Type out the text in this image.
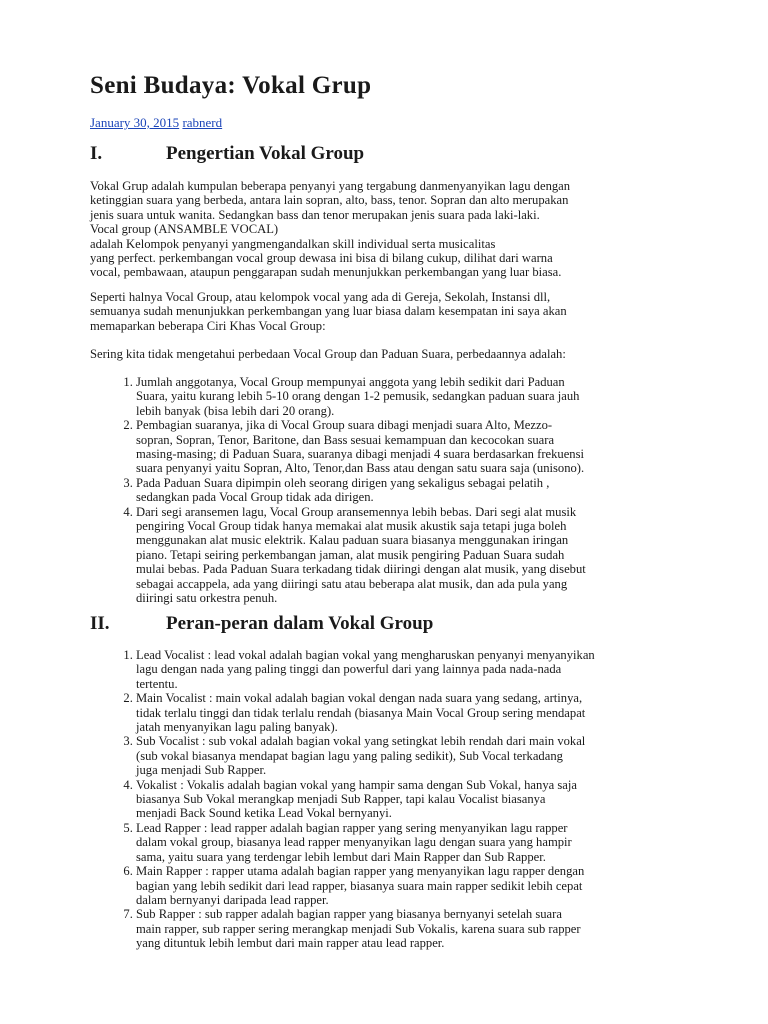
Seni Budaya: Vokal Grup
January 30, 2015 rabnerd
I.	Pengertian Vokal Group
Vokal Grup adalah kumpulan beberapa penyanyi yang tergabung danmenyanyikan lagu dengan
ketinggian suara yang berbeda, antara lain sopran, alto, bass, tenor. Sopran dan alto merupakan
jenis suara untuk wanita. Sedangkan bass dan tenor merupakan jenis suara pada laki-laki.
Vocal group (ANSAMBLE VOCAL)
adalah Kelompok penyanyi yangmengandalkan skill individual serta musicalitas
yang perfect. perkembangan vocal group dewasa ini bisa di bilang cukup, dilihat dari warna
vocal, pembawaan, ataupun penggarapan sudah menunjukkan perkembangan yang luar biasa.
Seperti halnya Vocal Group, atau kelompok vocal yang ada di Gereja, Sekolah, Instansi dll,
semuanya sudah menunjukkan perkembangan yang luar biasa dalam kesempatan ini saya akan
memaparkan beberapa Ciri Khas Vocal Group:
Sering kita tidak mengetahui perbedaan Vocal Group dan Paduan Suara, perbedaannya adalah:
1. Jumlah anggotanya, Vocal Group mempunyai anggota yang lebih sedikit dari Paduan
Suara, yaitu kurang lebih 5-10 orang dengan 1-2 pemusik, sedangkan paduan suara jauh
lebih banyak (bisa lebih dari 20 orang).
2. Pembagian suaranya, jika di Vocal Group suara dibagi menjadi suara Alto, Mezzo-
sopran, Sopran, Tenor, Baritone, dan Bass sesuai kemampuan dan kecocokan suara
masing-masing; di Paduan Suara, suaranya dibagi menjadi 4 suara berdasarkan frekuensi
suara penyanyi yaitu Sopran, Alto, Tenor,dan Bass atau dengan satu suara saja (unisono).
3. Pada Paduan Suara dipimpin oleh seorang dirigen yang sekaligus sebagai pelatih ,
sedangkan pada Vocal Group tidak ada dirigen.
4. Dari segi aransemen lagu, Vocal Group aransemennya lebih bebas. Dari segi alat musik
pengiring Vocal Group tidak hanya memakai alat musik akustik saja tetapi juga boleh
menggunakan alat music elektrik. Kalau paduan suara biasanya menggunakan iringan
piano. Tetapi seiring perkembangan jaman, alat musik pengiring Paduan Suara sudah
mulai bebas. Pada Paduan Suara terkadang tidak diiringi dengan alat musik, yang disebut
sebagai accappela, ada yang diiringi satu atau beberapa alat musik, dan ada pula yang
diiringi satu orkestra penuh.
II.	Peran-peran dalam Vokal Group
1. Lead Vocalist : lead vokal adalah bagian vokal yang mengharuskan penyanyi menyanyikan
lagu dengan nada yang paling tinggi dan powerful dari yang lainnya pada nada-nada
tertentu.
2. Main Vocalist : main vokal adalah bagian vokal dengan nada suara yang sedang, artinya,
tidak terlalu tinggi dan tidak terlalu rendah (biasanya Main Vocal Group sering mendapat
jatah menyanyikan lagu paling banyak).
3. Sub Vocalist : sub vokal adalah bagian vokal yang setingkat lebih rendah dari main vokal
(sub vokal biasanya mendapat bagian lagu yang paling sedikit), Sub Vocal terkadang
juga menjadi Sub Rapper.
4. Vokalist : Vokalis adalah bagian vokal yang hampir sama dengan Sub Vokal, hanya saja
biasanya Sub Vokal merangkap menjadi Sub Rapper, tapi kalau Vocalist biasanya
menjadi Back Sound ketika Lead Vokal bernyanyi.
5. Lead Rapper : lead rapper adalah bagian rapper yang sering menyanyikan lagu rapper
dalam vokal group, biasanya lead rapper menyanyikan lagu dengan suara yang hampir
sama, yaitu suara yang terdengar lebih lembut dari Main Rapper dan Sub Rapper.
6. Main Rapper : rapper utama adalah bagian rapper yang menyanyikan lagu rapper dengan
bagian yang lebih sedikit dari lead rapper, biasanya suara main rapper sedikit lebih cepat
dalam bernyanyi daripada lead rapper.
7. Sub Rapper : sub rapper adalah bagian rapper yang biasanya bernyanyi setelah suara
main rapper, sub rapper sering merangkap menjadi Sub Vokalis, karena suara sub rapper
yang dituntuk lebih lembut dari main rapper atau lead rapper.
